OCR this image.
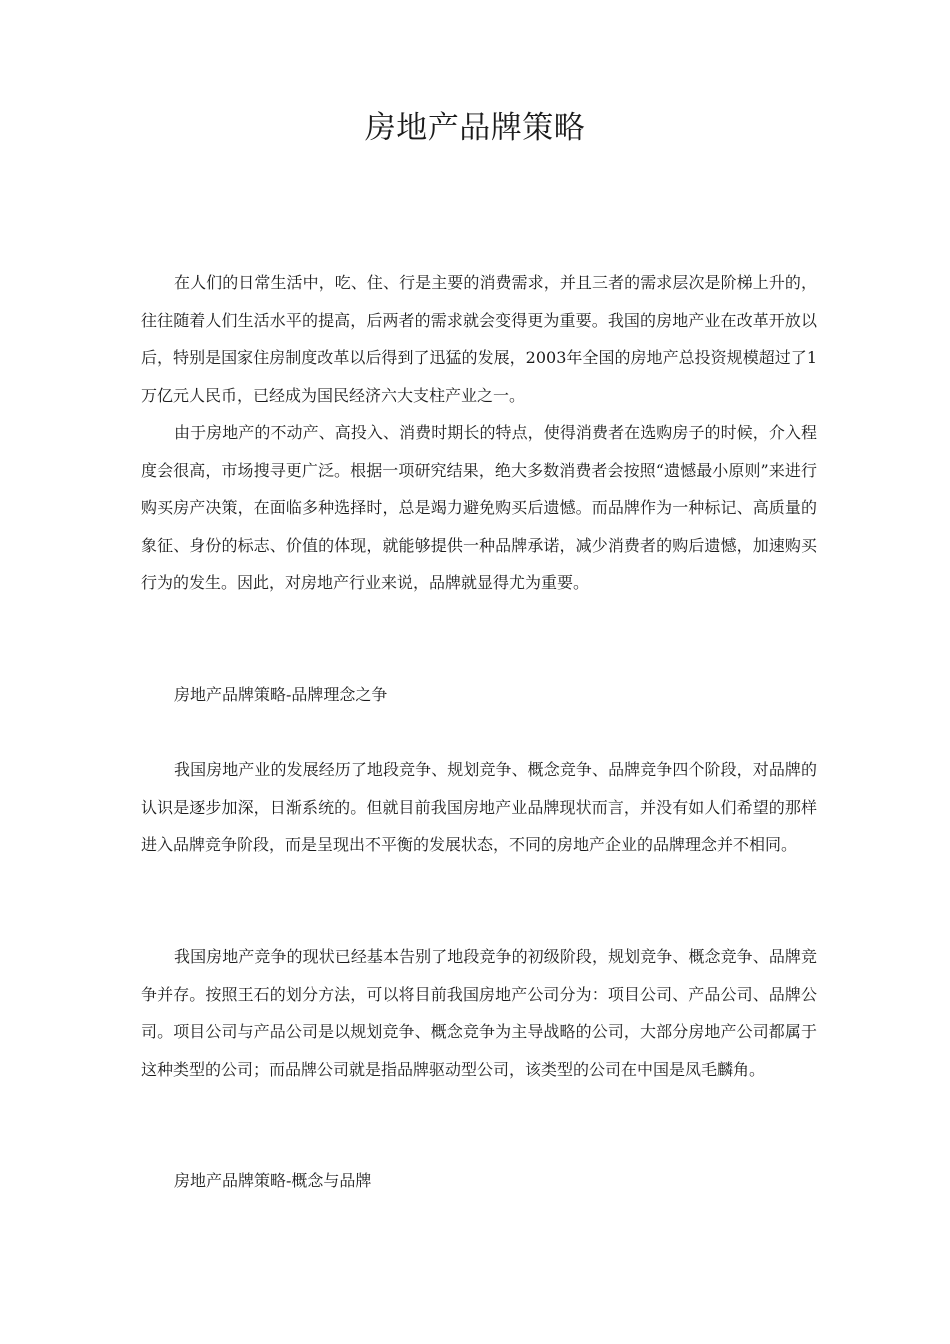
房地产品牌策略

在人们的日常生活中，吃、住、行是主要的消费需求，并且三者的需求层次是阶梯上升的，往往随着人们生活水平的提高，后两者的需求就会变得更为重要。我国的房地产业在改革开放以后，特别是国家住房制度改革以后得到了迅猛的发展，2003年全国的房地产总投资规模超过了1万亿元人民币，已经成为国民经济六大支柱产业之一。

由于房地产的不动产、高投入、消费时期长的特点，使得消费者在选购房子的时候，介入程度会很高，市场搜寻更广泛。根据一项研究结果，绝大多数消费者会按照“遗憾最小原则”来进行购买房产决策，在面临多种选择时，总是竭力避免购买后遗憾。而品牌作为一种标记、高质量的象征、身份的标志、价值的体现，就能够提供一种品牌承诺，减少消费者的购后遗憾，加速购买行为的发生。因此，对房地产行业来说，品牌就显得尤为重要。

房地产品牌策略-品牌理念之争

我国房地产业的发展经历了地段竞争、规划竞争、概念竞争、品牌竞争四个阶段，对品牌的认识是逐步加深，日渐系统的。但就目前我国房地产业品牌现状而言，并没有如人们希望的那样进入品牌竞争阶段，而是呈现出不平衡的发展状态，不同的房地产企业的品牌理念并不相同。

我国房地产竞争的现状已经基本告别了地段竞争的初级阶段，规划竞争、概念竞争、品牌竞争并存。按照王石的划分方法，可以将目前我国房地产公司分为：项目公司、产品公司、品牌公司。项目公司与产品公司是以规划竞争、概念竞争为主导战略的公司，大部分房地产公司都属于这种类型的公司；而品牌公司就是指品牌驱动型公司，该类型的公司在中国是凤毛麟角。

房地产品牌策略-概念与品牌
